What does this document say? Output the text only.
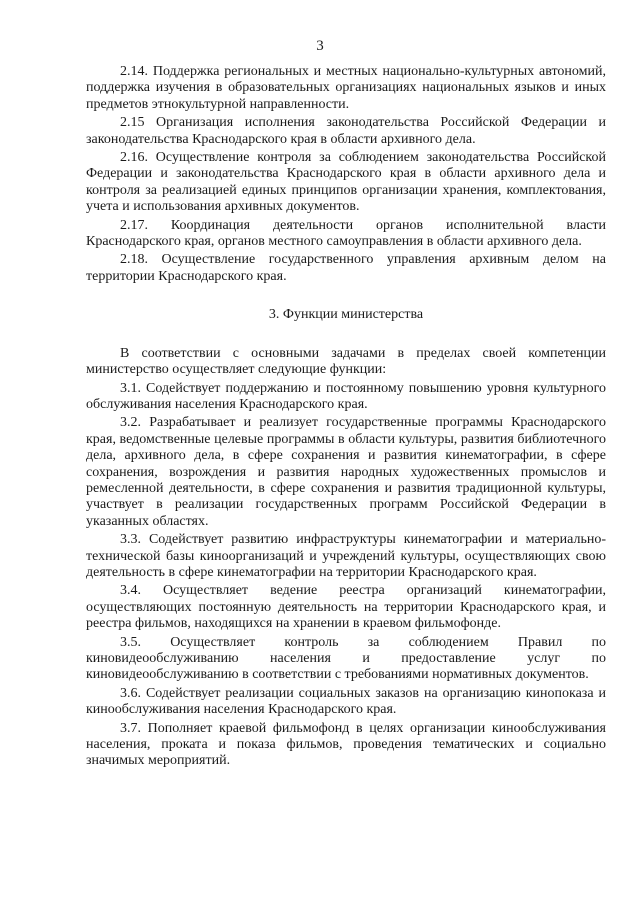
3

2.14. Поддержка региональных и местных национально-культурных автономий, поддержка изучения в образовательных организациях национальных языков и иных предметов этнокультурной направленности.

2.15 Организация исполнения законодательства Российской Федерации и законодательства Краснодарского края в области архивного дела.

2.16. Осуществление контроля за соблюдением законодательства Российской Федерации и законодательства Краснодарского края в области архивного дела и контроля за реализацией единых принципов организации хранения, комплектования, учета и использования архивных документов.

2.17. Координация деятельности органов исполнительной власти Краснодарского края, органов местного самоуправления в области архивного дела.

2.18. Осуществление государственного управления архивным делом на территории Краснодарского края.

3. Функции министерства

В соответствии с основными задачами в пределах своей компетенции министерство осуществляет следующие функции:

3.1. Содействует поддержанию и постоянному повышению уровня культурного обслуживания населения Краснодарского края.

3.2. Разрабатывает и реализует государственные программы Краснодарского края, ведомственные целевые программы в области культуры, развития библиотечного дела, архивного дела, в сфере сохранения и развития кинематографии, в сфере сохранения, возрождения и развития народных художественных промыслов и ремесленной деятельности, в сфере сохранения и развития традиционной культуры, участвует в реализации государственных программ Российской Федерации в указанных областях.

3.3. Содействует развитию инфраструктуры кинематографии и материально-технической базы киноорганизаций и учреждений культуры, осуществляющих свою деятельность в сфере кинематографии на территории Краснодарского края.

3.4. Осуществляет ведение реестра организаций кинематографии, осуществляющих постоянную деятельность на территории Краснодарского края, и реестра фильмов, находящихся на хранении в краевом фильмофонде.

3.5. Осуществляет контроль за соблюдением Правил по киновидеообслуживанию населения и предоставление услуг по киновидеообслуживанию в соответствии с требованиями нормативных документов.

3.6. Содействует реализации социальных заказов на организацию кинопоказа и кинообслуживания населения Краснодарского края.

3.7. Пополняет краевой фильмофонд в целях организации кинообслуживания населения, проката и показа фильмов, проведения тематических и социально значимых мероприятий.
